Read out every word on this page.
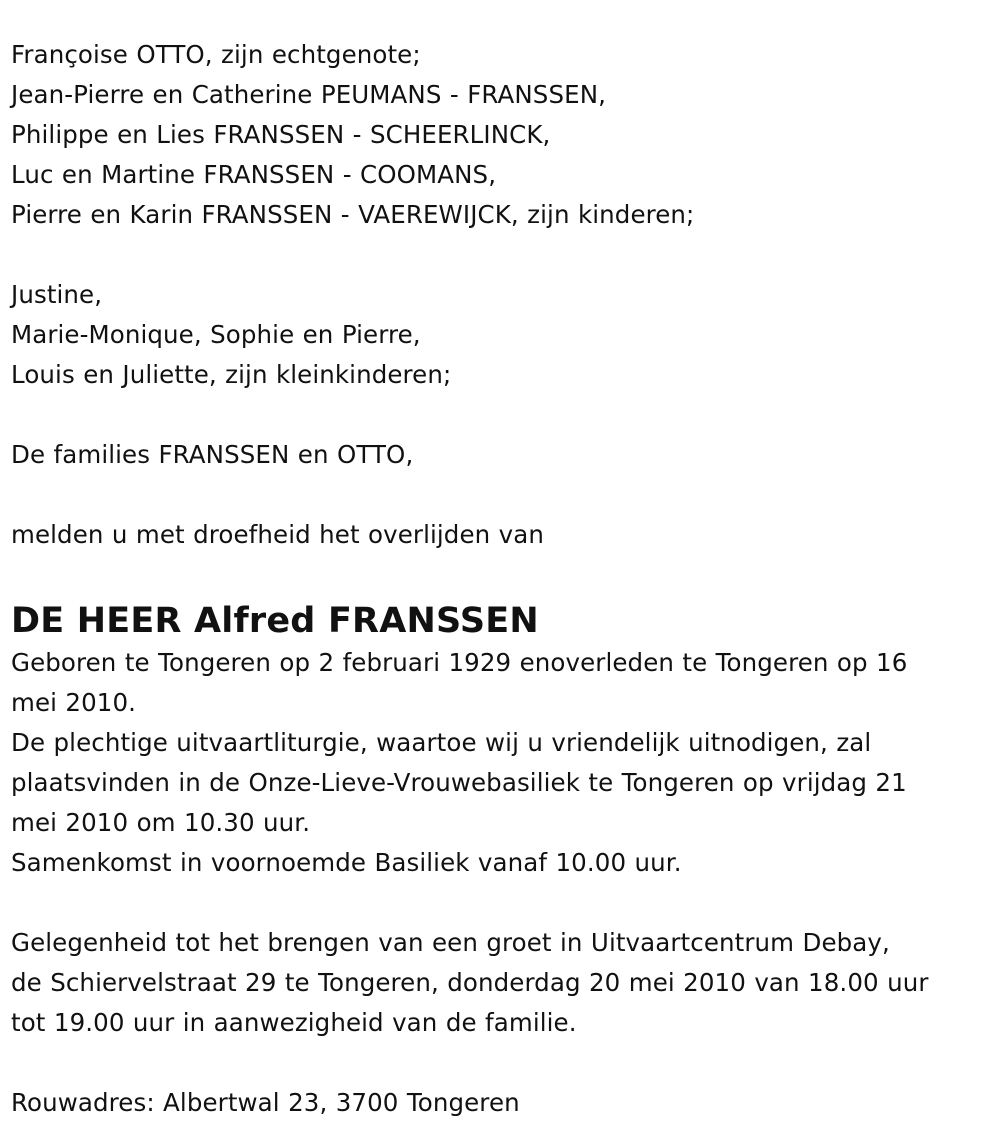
Françoise OTTO, zijn echtgenote;
Jean-Pierre en Catherine PEUMANS - FRANSSEN,
Philippe en Lies FRANSSEN - SCHEERLINCK,
Luc en Martine FRANSSEN - COOMANS,
Pierre en Karin FRANSSEN - VAEREWIJCK, zijn kinderen;
Justine,
Marie-Monique, Sophie en Pierre,
Louis en Juliette, zijn kleinkinderen;
De families FRANSSEN en OTTO,
melden u met droefheid het overlijden van
DE HEER Alfred FRANSSEN
Geboren te Tongeren op 2 februari 1929 enoverleden te Tongeren op 16
mei 2010.
De plechtige uitvaartliturgie, waartoe wij u vriendelijk uitnodigen, zal
plaatsvinden in de Onze-Lieve-Vrouwebasiliek te Tongeren op vrijdag 21
mei 2010 om 10.30 uur.
Samenkomst in voornoemde Basiliek vanaf 10.00 uur.
Gelegenheid tot het brengen van een groet in Uitvaartcentrum Debay,
de Schiervelstraat 29 te Tongeren, donderdag 20 mei 2010 van 18.00 uur
tot 19.00 uur in aanwezigheid van de familie.
Rouwadres: Albertwal 23, 3700 Tongeren
